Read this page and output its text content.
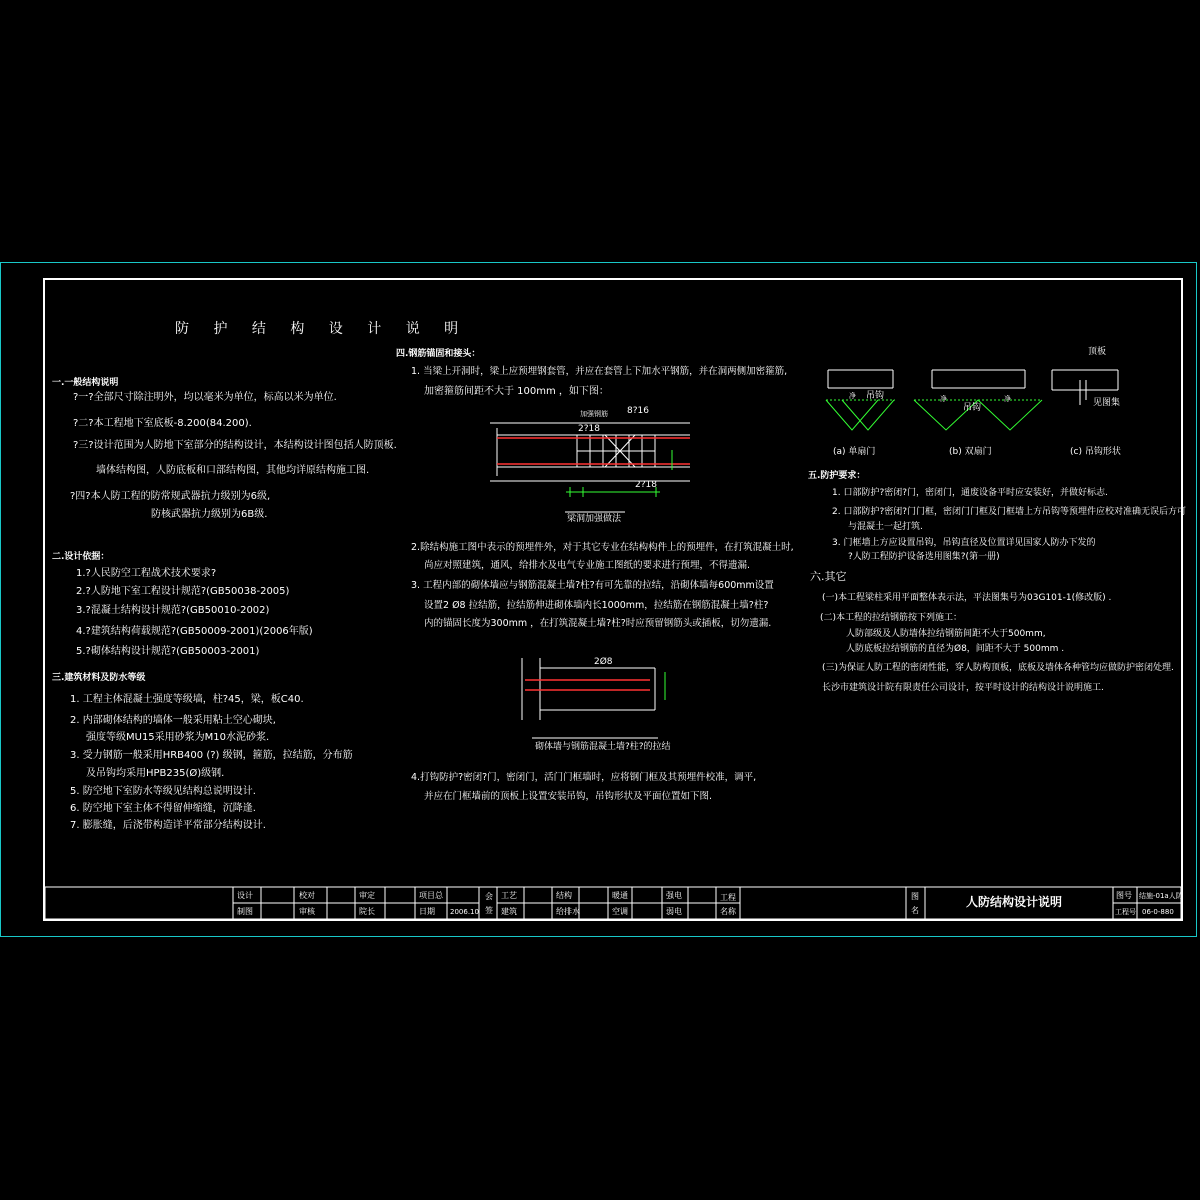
防 护 结 构 设 计 说 明
一.一般结构说明
?一?全部尺寸除注明外，均以毫米为单位，标高以米为单位.
?二?本工程地下室底板-8.200(84.200).
?三?设计范围为人防地下室部分的结构设计，本结构设计图包括人防顶板.
墙体结构图，人防底板和口部结构图，其他均详原结构施工图.
?四?本人防工程的防常规武器抗力级别为6级,
防核武器抗力级别为6B级.
二.设计依据：
1.?人民防空工程战术技术要求?
2.?人防地下室工程设计规范?(GB50038-2005)
3.?混凝土结构设计规范?(GB50010-2002)
4.?建筑结构荷载规范?(GB50009-2001)(2006年版)
5.?砌体结构设计规范?(GB50003-2001)
三.建筑材料及防水等级
1. 工程主体混凝土强度等级墙，柱?45，梁，板C40.
2. 内部砌体结构的墙体一般采用粘土空心砌块,
强度等级MU15采用砂浆为M10水泥砂浆.
3. 受力钢筋一般采用HRB400 (?) 级钢，箍筋，拉结筋，分布筋
及吊钩均采用HPB235(Ø)级钢.
5. 防空地下室防水等级见结构总说明设计.
6. 防空地下室主体不得留伸缩缝，沉降逢.
7. 膨胀缝，后浇带构造详平常部分结构设计.
四.钢筋锚固和接头：
1. 当梁上开洞时，梁上应预埋钢套管，并应在套管上下加水平钢筋，并在洞两侧加密箍筋,
加密箍筋间距不大于 100mm ，如下图：
加强钢筋 8?16
2?18
2?18
梁洞加强做法
2.除结构施工图中表示的预埋件外，对于其它专业在结构构件上的预埋件，在打筑混凝土时,
尚应对照建筑，通风，给排水及电气专业施工图纸的要求进行预埋，不得遗漏.
3. 工程内部的砌体墙应与钢筋混凝土墙?柱?有可先靠的拉结，沿砌体墙每600mm设置
设置2 Ø8 拉结筋，拉结筋伸进砌体墙内长1000mm，拉结筋在钢筋混凝土墙?柱?
内的锚固长度为300mm ，在打筑混凝土墙?柱?时应预留钢筋头或插板，切勿遗漏.
2Ø8
砌体墙与钢筋混凝土墙?柱?的拉结
4.打钩防护?密闭?门，密闭门，活门门框墙时，应将钢门框及其预埋件校准，调平,
并应在门框墙前的顶板上设置安装吊钩，吊钩形状及平面位置如下图.
吊钩
吊钩
顶板
见图集
净	净	净
(a) 单扇门	(b) 双扇门	(c) 吊钩形状
五.防护要求：
1. 口部防护?密闭?门，密闭门，通废设备平时应安装好，并做好标志.
2. 口部防护?密闭?门门框，密闭门门框及门框墙上方吊钩等预埋件应校对准确无误后方可
与混凝土一起打筑.
3. 门框墙上方应设置吊钩，吊钩直径及位置详见国家人防办下发的
?人防工程防护设备选用图集?(第一册)
六.其它
(一)本工程梁柱采用平面整体表示法，平法图集号为03G101-1(修改版) .
(二)本工程的拉结钢筋按下列施工：
人防部级及人防墙体拉结钢筋间距不大于500mm,
人防底板拉结钢筋的直径为Ø8，间距不大于 500mm .
(三)为保证人防工程的密闭性能，穿人防构顶板，底板及墙体各种管均应做防护密闭处理.
长沙市建筑设计院有限责任公司设计，按平时设计的结构设计说明施工.
设计	校对	审定	项目总	工艺	结构	暖通	强电	工程
制图	审核	院长	日期	建筑	给排水	空调	弱电	名称
2006.10
会
签
图
名
人防结构设计说明	图号 结施-01a人防
工程号 06-0-880
